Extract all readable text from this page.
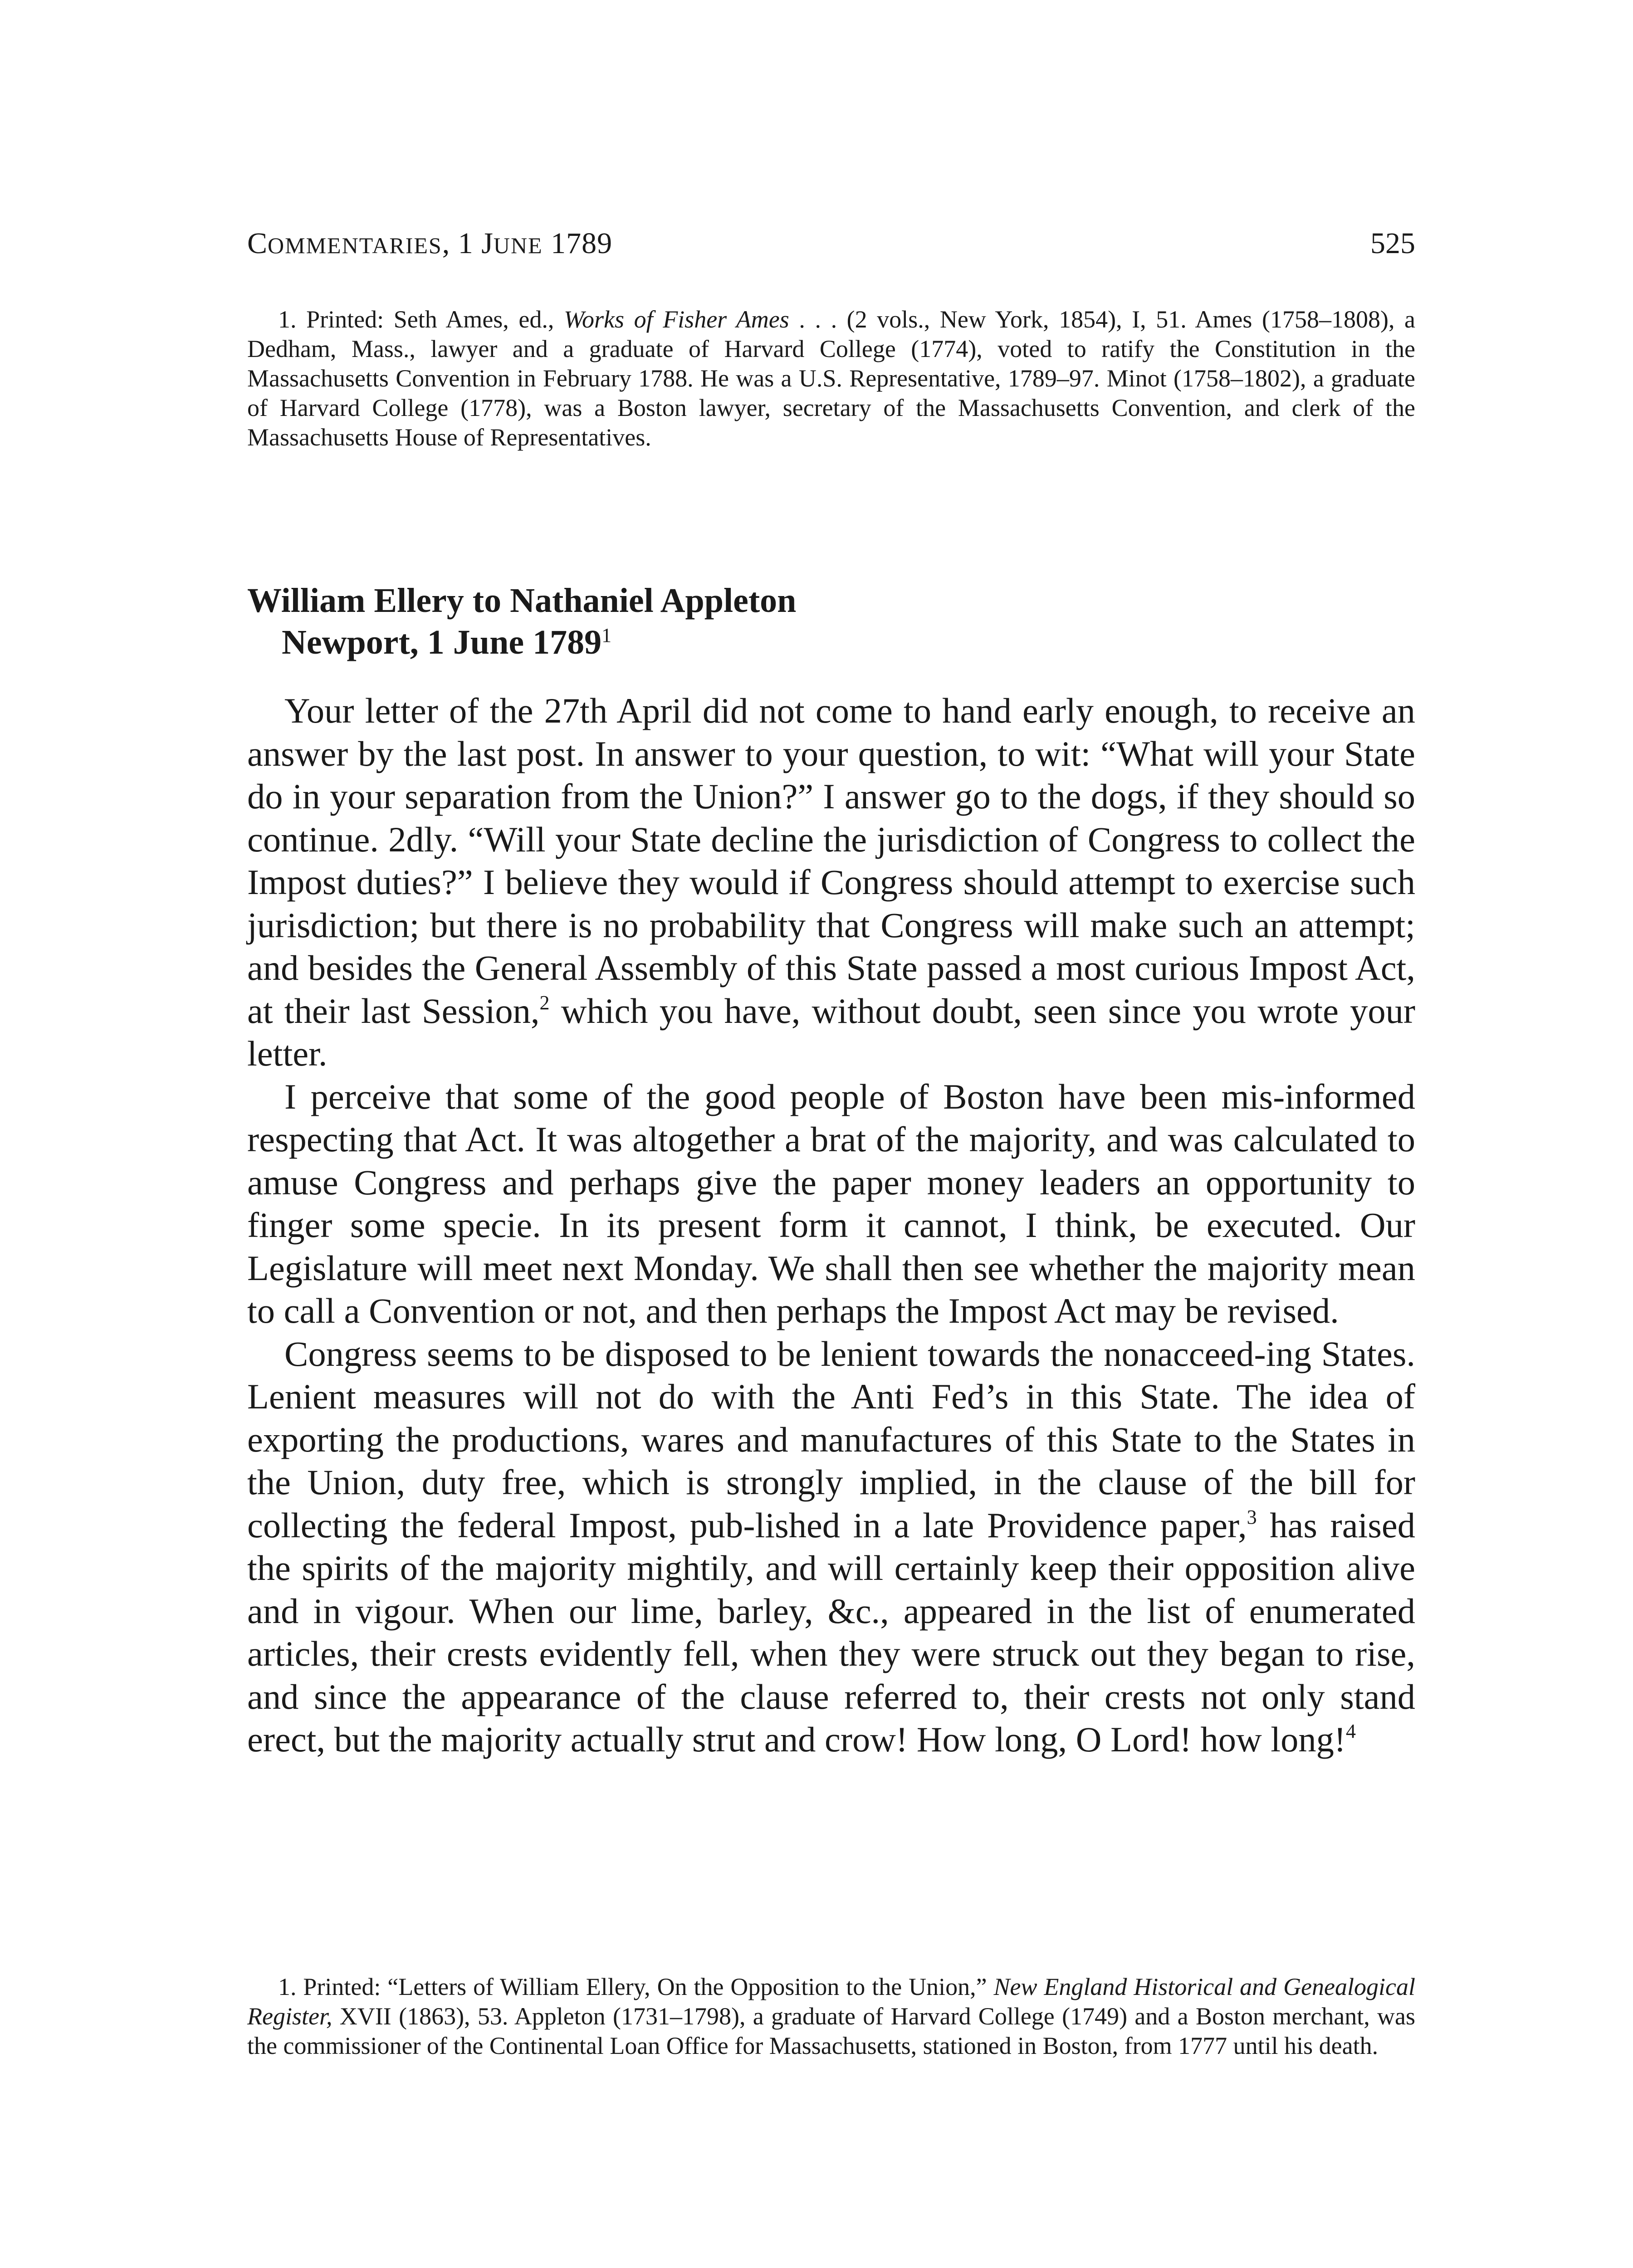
COMMENTARIES, 1 JUNE 1789	525

1. Printed: Seth Ames, ed., Works of Fisher Ames . . . (2 vols., New York, 1854), I, 51. Ames (1758–1808), a Dedham, Mass., lawyer and a graduate of Harvard College (1774), voted to ratify the Constitution in the Massachusetts Convention in February 1788. He was a U.S. Representative, 1789–97. Minot (1758–1802), a graduate of Harvard College (1778), was a Boston lawyer, secretary of the Massachusetts Convention, and clerk of the Massachusetts House of Representatives.

William Ellery to Nathaniel Appleton
Newport, 1 June 1789$^1$

Your letter of the 27th April did not come to hand early enough, to receive an answer by the last post. In answer to your question, to wit: “What will your State do in your separation from the Union?” I answer go to the dogs, if they should so continue. 2dly. “Will your State decline the jurisdiction of Congress to collect the Impost duties?” I believe they would if Congress should attempt to exercise such jurisdiction; but there is no probability that Congress will make such an attempt; and besides the General Assembly of this State passed a most curious Impost Act, at their last Session,$^2$ which you have, without doubt, seen since you wrote your letter.

I perceive that some of the good people of Boston have been mis-informed respecting that Act. It was altogether a brat of the majority, and was calculated to amuse Congress and perhaps give the paper money leaders an opportunity to finger some specie. In its present form it cannot, I think, be executed. Our Legislature will meet next Monday. We shall then see whether the majority mean to call a Convention or not, and then perhaps the Impost Act may be revised.

Congress seems to be disposed to be lenient towards the nonacceed-ing States. Lenient measures will not do with the Anti Fed’s in this State. The idea of exporting the productions, wares and manufactures of this State to the States in the Union, duty free, which is strongly implied, in the clause of the bill for collecting the federal Impost, pub-lished in a late Providence paper,$^3$ has raised the spirits of the majority mightily, and will certainly keep their opposition alive and in vigour. When our lime, barley, &c., appeared in the list of enumerated articles, their crests evidently fell, when they were struck out they began to rise, and since the appearance of the clause referred to, their crests not only stand erect, but the majority actually strut and crow! How long, O Lord! how long!$^4$

1. Printed: “Letters of William Ellery, On the Opposition to the Union,” New England Historical and Genealogical Register, XVII (1863), 53. Appleton (1731–1798), a graduate of Harvard College (1749) and a Boston merchant, was the commissioner of the Continental Loan Office for Massachusetts, stationed in Boston, from 1777 until his death.
